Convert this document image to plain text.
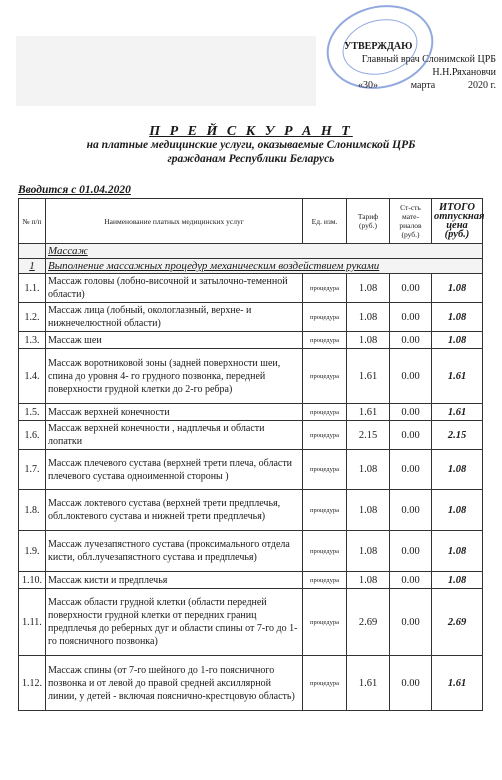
УТВЕРЖДАЮ
Главный врач Слонимской ЦРБ
Н.Н.Ряхановчи
«30»	марта	2020 г.
П Р Е Й С К У Р А Н Т
на платные медицинские услуги, оказываемые Слонимской ЦРБ
гражданам Республики Беларусь
Вводится с 01.04.2020
№ п/п	Наименование платных медицинских услуг	Ед. изм.	Тариф (руб.)	Ст-сть мате-риалов (руб.)	ИТОГО отпускная цена (руб.)
	Массаж				
1	Выполнение массажных процедур механическим воздействием руками				
1.1.	Массаж головы (лобно-височной и затылочно-теменной области)	процедура	1.08	0.00	1.08
1.2.	Массаж лица (лобный, окологлазный, верхне- и нижнечелюстной области)	процедура	1.08	0.00	1.08
1.3.	Массаж шеи	процедура	1.08	0.00	1.08
1.4.	Массаж воротниковой зоны (задней поверхности шеи, спина до уровня 4- го грудного позвонка, передней поверхности грудной клетки до 2-го ребра)	процедура	1.61	0.00	1.61
1.5.	Массаж верхней конечности	процедура	1.61	0.00	1.61
1.6.	Массаж верхней конечности , надплечья и области лопатки	процедура	2.15	0.00	2.15
1.7.	Массаж плечевого сустава (верхней трети плеча, области плечевого сустава одноименной стороны )	процедура	1.08	0.00	1.08
1.8.	Массаж локтевого сустава (верхней трети предплечья, обл.локтевого сустава и нижней трети предплечья)	процедура	1.08	0.00	1.08
1.9.	Массаж лучезапястного сустава (проксимального отдела кисти, обл.лучезапястного сустава и предплечья)	процедура	1.08	0.00	1.08
1.10.	Массаж кисти и предплечья	процедура	1.08	0.00	1.08
1.11.	Массаж области грудной клетки (области передней поверхности грудной клетки от передних границ предплечья до реберных дуг и области спины от 7-го до 1-го поясничного позвонка)	процедура	2.69	0.00	2.69
1.12.	Массаж спины (от 7-го шейного до 1-го поясничного позвонка и от левой до правой средней аксиллярной линии, у детей - включая пояснично-крестцовую область)	процедура	1.61	0.00	1.61
